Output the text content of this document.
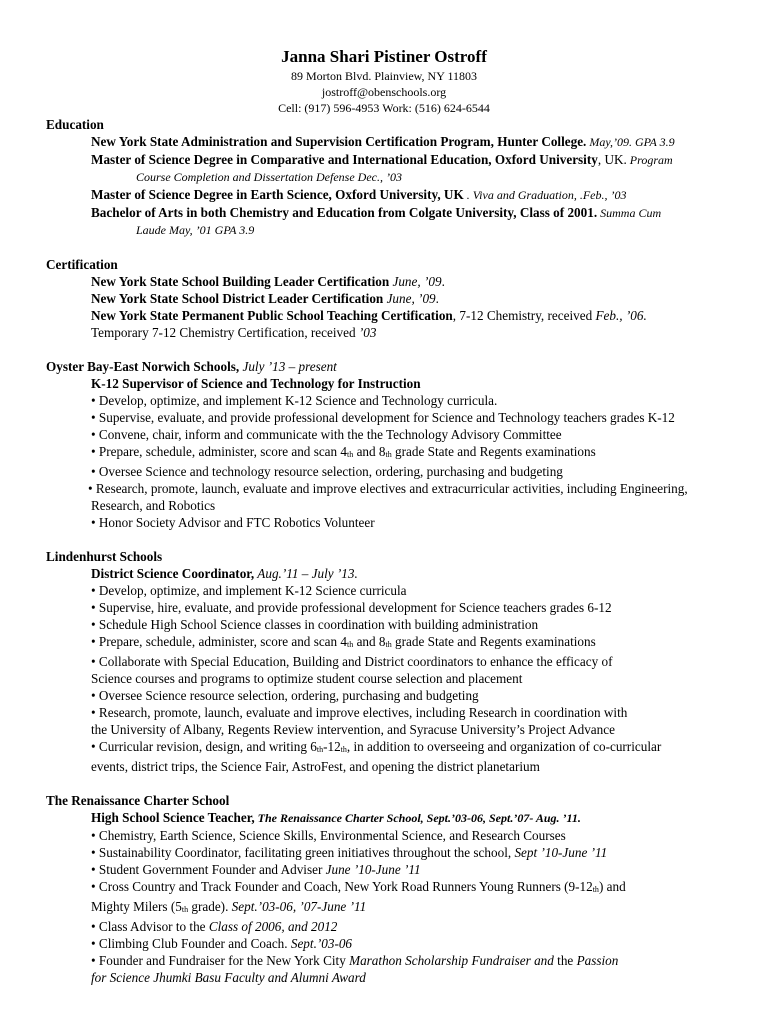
Janna Shari Pistiner Ostroff
89 Morton Blvd. Plainview, NY 11803
jostroff@obenschools.org
Cell: (917) 596-4953 Work: (516) 624-6544
Education
New York State Administration and Supervision Certification Program, Hunter College. May,’09. GPA 3.9
Master of Science Degree in Comparative and International Education, Oxford University, UK. Program
Course Completion and Dissertation Defense Dec., ’03
Master of Science Degree in Earth Science, Oxford University, UK . Viva and Graduation, .Feb., ’03
Bachelor of Arts in both Chemistry and Education from Colgate University, Class of 2001. Summa Cum
Laude May, ’01 GPA 3.9
Certification
New York State School Building Leader Certification June, ’09.
New York State School District Leader Certification June, ’09.
New York State Permanent Public School Teaching Certification, 7-12 Chemistry, received Feb., ’06.
Temporary 7-12 Chemistry Certification, received ’03
Oyster Bay-East Norwich Schools, July ’13 – present
K-12 Supervisor of Science and Technology for Instruction
• Develop, optimize, and implement K-12 Science and Technology curricula.
• Supervise, evaluate, and provide professional development for Science and Technology teachers grades K-12
• Convene, chair, inform and communicate with the the Technology Advisory Committee
• Prepare, schedule, administer, score and scan 4th and 8th grade State and Regents examinations
• Oversee Science and technology resource selection, ordering, purchasing and budgeting
• Research, promote, launch, evaluate and improve electives and extracurricular activities, including Engineering,
Research, and Robotics
• Honor Society Advisor and FTC Robotics Volunteer
Lindenhurst Schools
District Science Coordinator, Aug.’11 – July ’13.
• Develop, optimize, and implement K-12 Science curricula
• Supervise, hire, evaluate, and provide professional development for Science teachers grades 6-12
• Schedule High School Science classes in coordination with building administration
• Prepare, schedule, administer, score and scan 4th and 8th grade State and Regents examinations
• Collaborate with Special Education, Building and District coordinators to enhance the efficacy of
Science courses and programs to optimize student course selection and placement
• Oversee Science resource selection, ordering, purchasing and budgeting
• Research, promote, launch, evaluate and improve electives, including Research in coordination with
the University of Albany, Regents Review intervention, and Syracuse University’s Project Advance
• Curricular revision, design, and writing 6th-12th, in addition to overseeing and organization of co-curricular
events, district trips, the Science Fair, AstroFest, and opening the district planetarium
The Renaissance Charter School
High School Science Teacher, The Renaissance Charter School, Sept.’03-06, Sept.’07- Aug. ’11.
• Chemistry, Earth Science, Science Skills, Environmental Science, and Research Courses
• Sustainability Coordinator, facilitating green initiatives throughout the school, Sept ’10-June ’11
• Student Government Founder and Adviser June ’10-June ’11
• Cross Country and Track Founder and Coach, New York Road Runners Young Runners (9-12th) and
Mighty Milers (5th grade). Sept.’03-06, ’07-June ’11
• Class Advisor to the Class of 2006, and 2012
• Climbing Club Founder and Coach. Sept.’03-06
• Founder and Fundraiser for the New York City Marathon Scholarship Fundraiser and the Passion
for Science Jhumki Basu Faculty and Alumni Award
